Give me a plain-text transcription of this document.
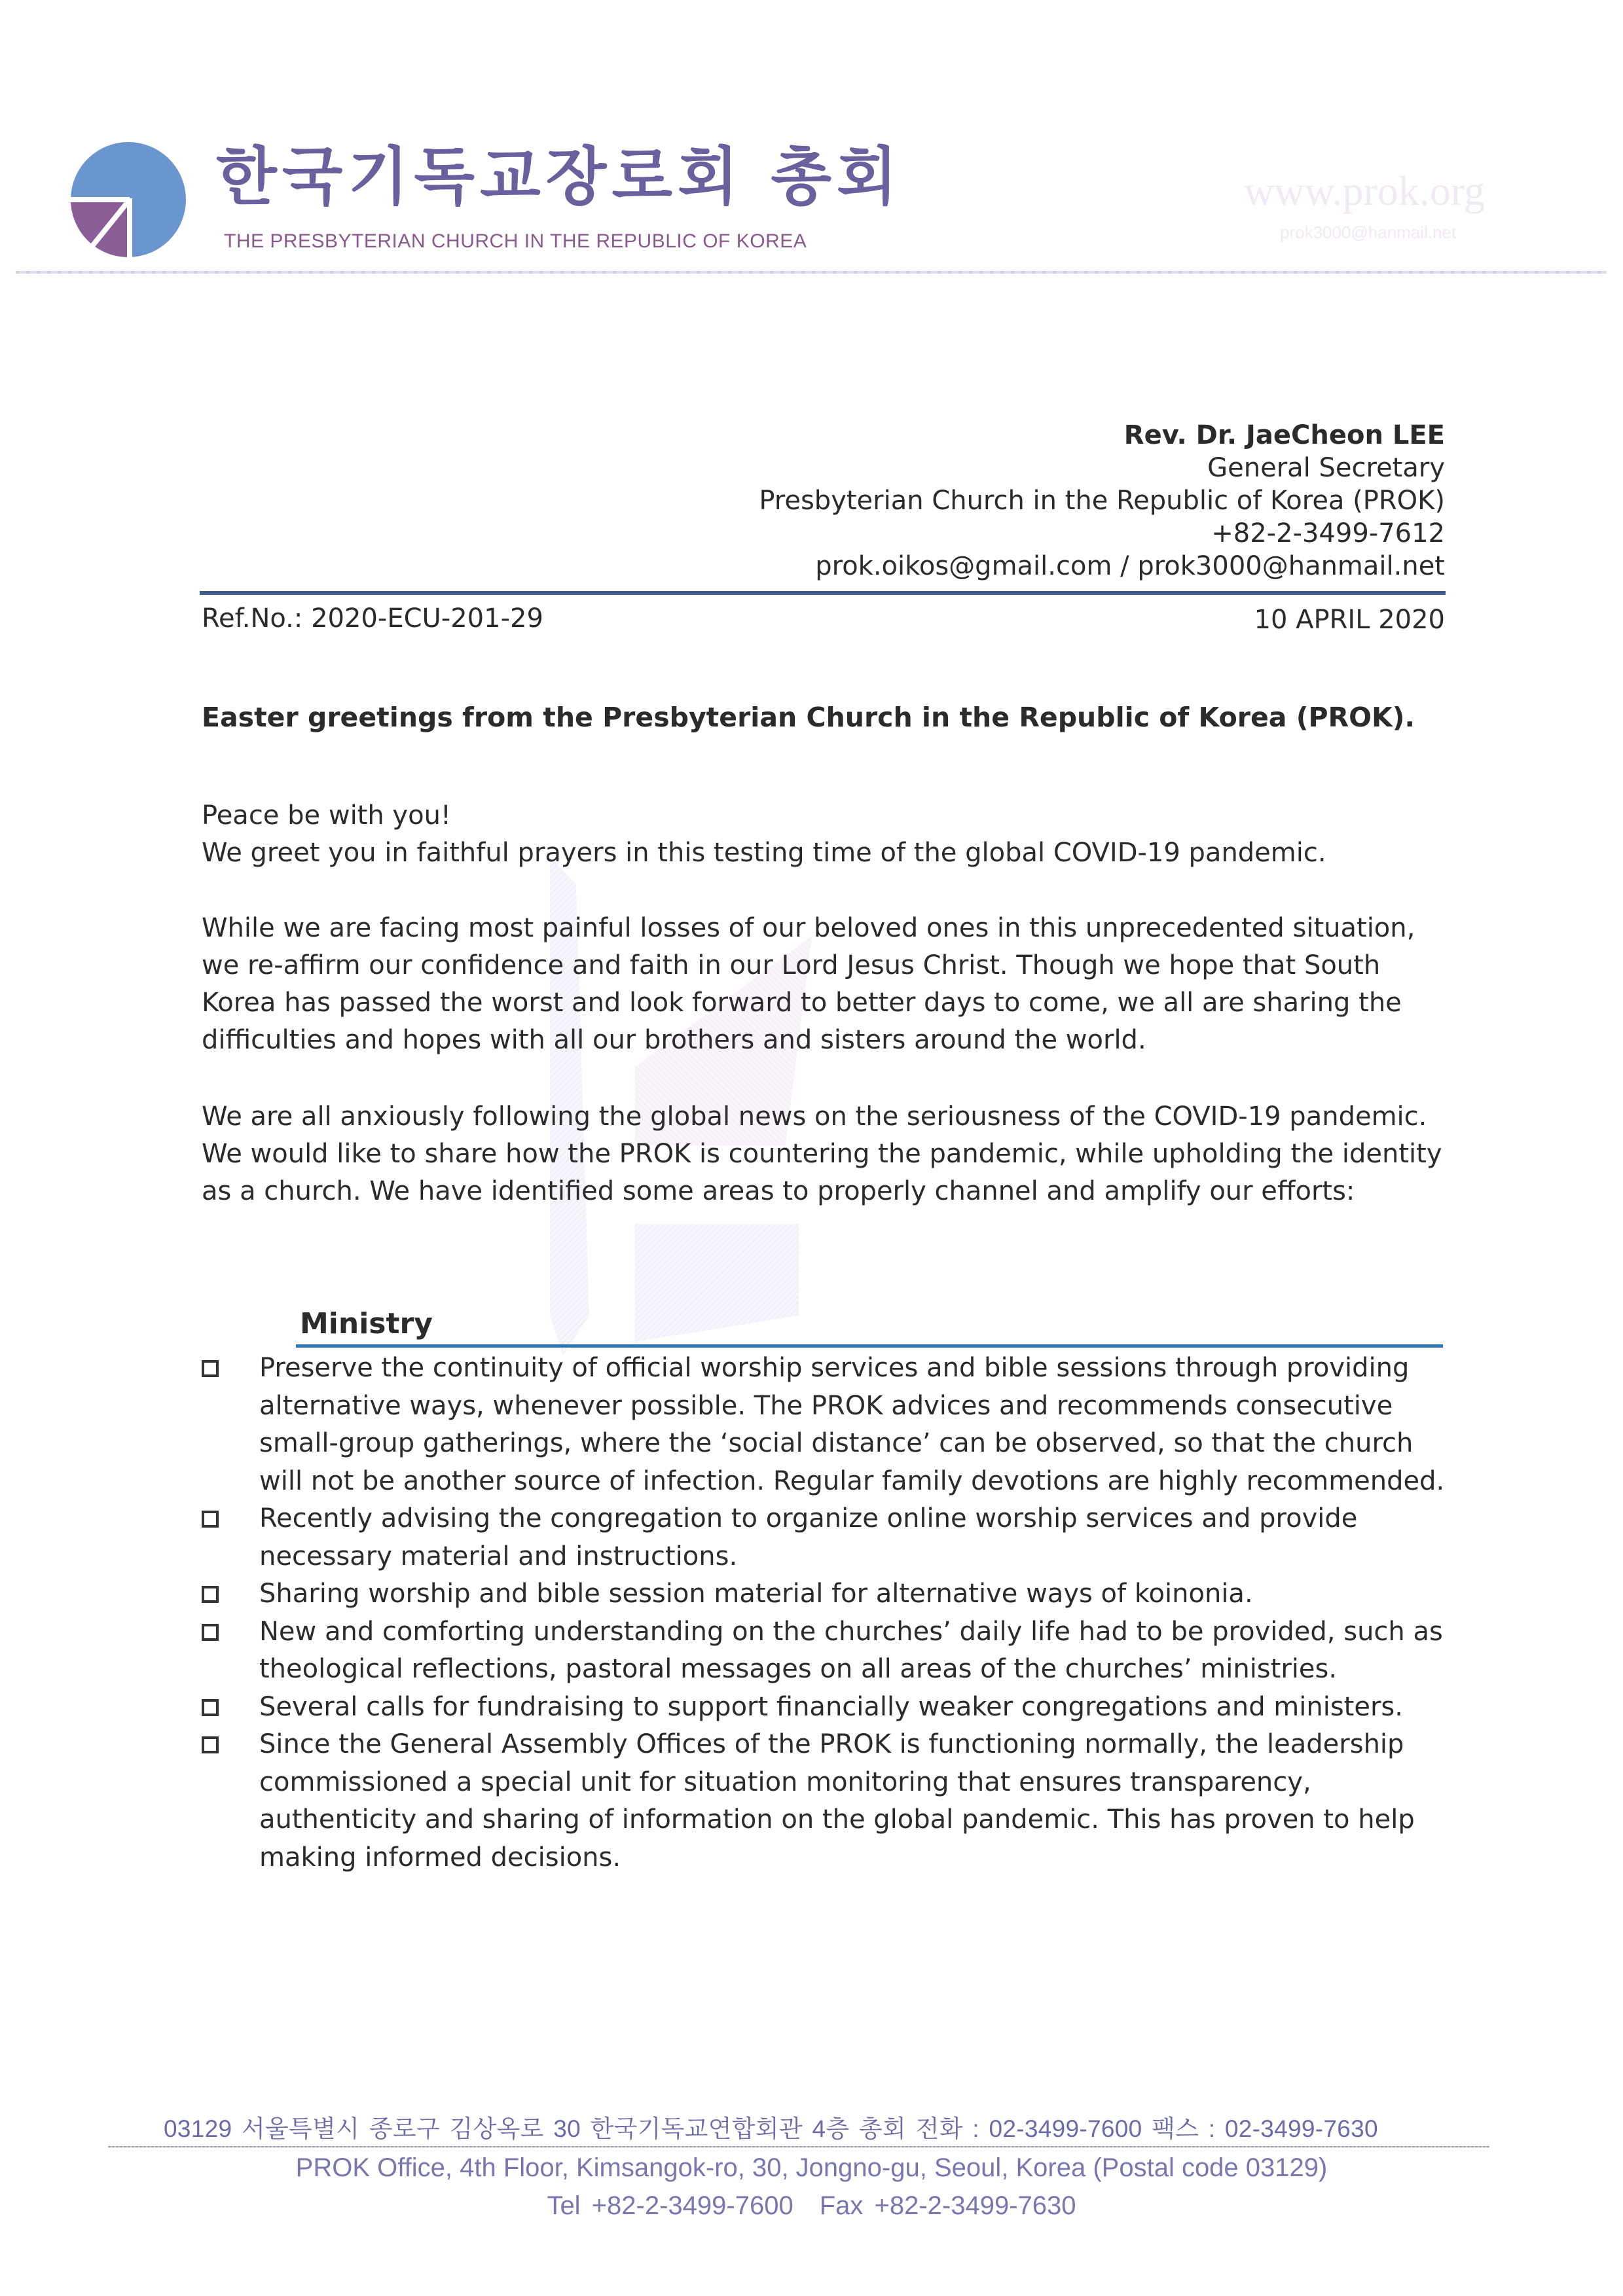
한국기독교장로회 총회
THE PRESBYTERIAN CHURCH IN THE REPUBLIC OF KOREA
www.prok.org
prok3000@hanmail.net
Rev. Dr. JaeCheon LEE
General Secretary
Presbyterian Church in the Republic of Korea (PROK)
+82-2-3499-7612
prok.oikos@gmail.com / prok3000@hanmail.net
Ref.No.: 2020-ECU-201-29	10 APRIL 2020
Easter greetings from the Presbyterian Church in the Republic of Korea (PROK).
Peace be with you!
We greet you in faithful prayers in this testing time of the global COVID-19 pandemic.
While we are facing most painful losses of our beloved ones in this unprecedented situation, we re-affirm our confidence and faith in our Lord Jesus Christ. Though we hope that South Korea has passed the worst and look forward to better days to come, we all are sharing the difficulties and hopes with all our brothers and sisters around the world.
We are all anxiously following the global news on the seriousness of the COVID-19 pandemic. We would like to share how the PROK is countering the pandemic, while upholding the identity as a church. We have identified some areas to properly channel and amplify our efforts:
Ministry
Preserve the continuity of official worship services and bible sessions through providing alternative ways, whenever possible. The PROK advices and recommends consecutive small-group gatherings, where the ‘social distance’ can be observed, so that the church will not be another source of infection. Regular family devotions are highly recommended.
Recently advising the congregation to organize online worship services and provide necessary material and instructions.
Sharing worship and bible session material for alternative ways of koinonia.
New and comforting understanding on the churches’ daily life had to be provided, such as theological reflections, pastoral messages on all areas of the churches’ ministries.
Several calls for fundraising to support financially weaker congregations and ministers.
Since the General Assembly Offices of the PROK is functioning normally, the leadership commissioned a special unit for situation monitoring that ensures transparency, authenticity and sharing of information on the global pandemic. This has proven to help making informed decisions.
03129 서울특별시 종로구 김상옥로 30 한국기독교연합회관 4층 총회 전화 : 02-3499-7600 팩스 : 02-3499-7630
PROK Office, 4th Floor, Kimsangok-ro, 30, Jongno-gu, Seoul, Korea (Postal code 03129)
Tel +82-2-3499-7600 Fax +82-2-3499-7630
